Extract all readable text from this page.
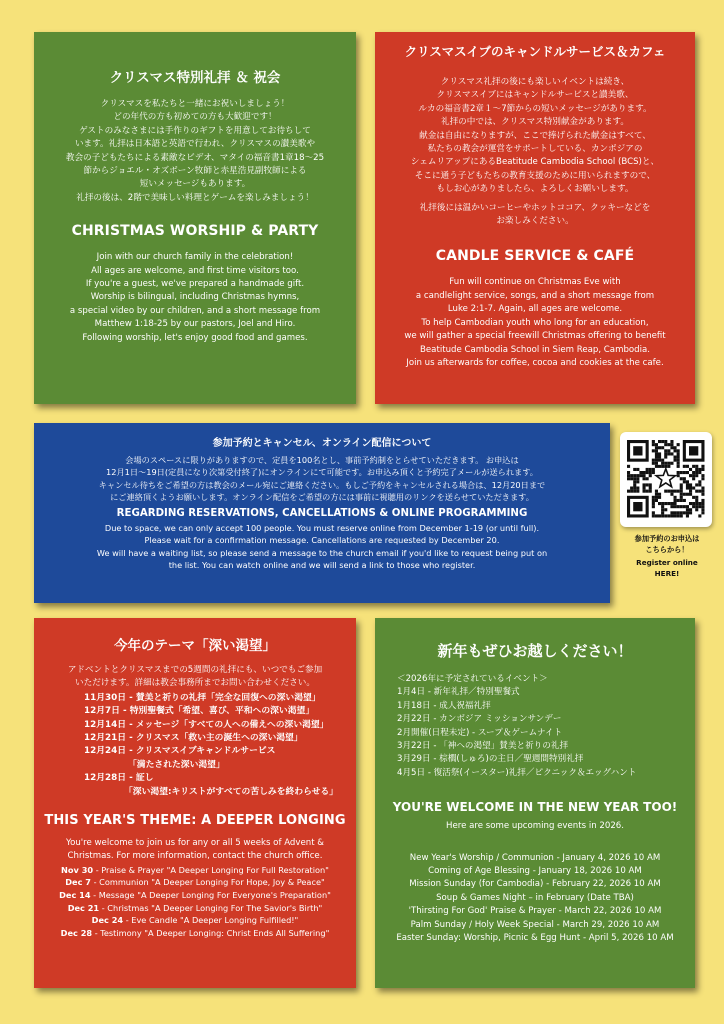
クリスマス特別礼拝 ＆ 祝会

クリスマスを私たちと一緒にお祝いしましょう！

どの年代の方も初めての方も大歓迎です！

ゲストのみなさまには手作りのギフトを用意してお待ちして

います。礼拝は日本語と英語で行われ、クリスマスの讃美歌や

教会の子どもたちによる素敵なビデオ、マタイの福音書1章18〜25

節からジョエル・オズボーン牧師と赤星浩見副牧師による

短いメッセージもあります。

礼拝の後は、2階で美味しい料理とゲームを楽しみましょう！

CHRISTMAS WORSHIP & PARTY

Join with our church family in the celebration!

All ages are welcome, and first time visitors too.

If you're a guest, we've prepared a handmade gift.

Worship is bilingual, including Christmas hymns,

a special video by our children, and a short message from

Matthew 1:18-25 by our pastors, Joel and Hiro.

Following worship, let's enjoy good food and games.

クリスマスイブのキャンドルサービス＆カフェ

クリスマス礼拝の後にも楽しいイベントは続き、

クリスマスイブにはキャンドルサービスと讃美歌、

ルカの福音書2章１〜7節からの短いメッセージがあります。

礼拝の中では、クリスマス特別献金があります。

献金は自由になりますが、ここで捧げられた献金はすべて、

私たちの教会が運営をサポートしている、カンボジアの

シェムリアップにあるBeatitude Cambodia School (BCS)と、

そこに通う子どもたちの教育支援のために用いられますので、

もしお心がありましたら、よろしくお願いします。

礼拝後には温かいコーヒーやホットココア、クッキーなどを

お楽しみください。

CANDLE SERVICE & CAFÉ

Fun will continue on Christmas Eve with

a candlelight service, songs, and a short message from

Luke 2:1-7. Again, all ages are welcome.

To help Cambodian youth who long for an education,

we will gather a special freewill Christmas offering to benefit

Beatitude Cambodia School in Siem Reap, Cambodia.

Join us afterwards for coffee, cocoa and cookies at the cafe.

参加予約とキャンセル、オンライン配信について

会場のスペースに限りがありますので、定員を100名とし、事前予約制をとらせていただきます。 お申込は

12月1日〜19日(定員になり次第受付終了)にオンラインにて可能です。お申込み頂くと予約完了メールが送られます。

キャンセル待ちをご希望の方は教会のメール宛にご連絡ください。もしご予約をキャンセルされる場合は、12月20日まで

にご連絡頂くようお願いします。オンライン配信をご希望の方には事前に視聴用のリンクを送らせていただきます。

REGARDING RESERVATIONS, CANCELLATIONS & ONLINE PROGRAMMING

Due to space, we can only accept 100 people. You must reserve online from December 1-19 (or until full).

Please wait for a confirmation message. Cancellations are requested by December 20.

We will have a waiting list, so please send a message to the church email if you'd like to request being put on

the list. You can watch online and we will send a link to those who register.

参加予約のお申込は

こちらから！

Register online

HERE!

今年のテーマ「深い渇望」

アドベントとクリスマスまでの5週間の礼拝にも、いつでもご参加

いただけます。詳細は教会事務所までお問い合わせください。

11月30日 - 賛美と祈りの礼拝「完全な回復への深い渇望」

12月7日 - 特別聖餐式「希望、喜び、平和への深い渇望」

12月14日 - メッセージ「すべての人への備えへの深い渇望」

12月21日 - クリスマス「救い主の誕生への深い渇望」

12月24日 - クリスマスイブキャンドルサービス

「満たされた深い渇望」

12月28日 - 証し

「深い渇望:キリストがすべての苦しみを終わらせる」

THIS YEAR'S THEME: A DEEPER LONGING

You're welcome to join us for any or all 5 weeks of Advent &

Christmas. For more information, contact the church office.

Nov 30 - Praise & Prayer "A Deeper Longing For Full Restoration"

Dec 7 - Communion "A Deeper Longing For Hope, Joy & Peace"

Dec 14 - Message "A Deeper Longing For Everyone's Preparation"

Dec 21 - Christmas "A Deeper Longing For The Savior's Birth"

Dec 24 - Eve Candle "A Deeper Longing Fulfilled!"

Dec 28 - Testimony "A Deeper Longing: Christ Ends All Suffering"

新年もぜひお越しください！

＜2026年に予定されているイベント＞

1月4日 - 新年礼拝／特別聖餐式

1月18日 - 成人祝福礼拝

2月22日 - カンボジア ミッションサンデー

2月開催(日程未定) - スープ＆ゲームナイト

3月22日 - 「神への渇望」賛美と祈りの礼拝

3月29日 - 棕櫚(しゅろ)の主日／聖週間特別礼拝

4月5日 - 復活祭(イースター)礼拝／ピクニック＆エッグハント

YOU'RE WELCOME IN THE NEW YEAR TOO!
Here are some upcoming events in 2026.

New Year's Worship / Communion - January 4, 2026 10 AM

Coming of Age Blessing - January 18, 2026 10 AM

Mission Sunday (for Cambodia) - February 22, 2026 10 AM

Soup & Games Night – in February (Date TBA)

'Thirsting For God' Praise & Prayer - March 22, 2026 10 AM

Palm Sunday / Holy Week Special - March 29, 2026 10 AM

Easter Sunday: Worship, Picnic & Egg Hunt - April 5, 2026 10 AM
